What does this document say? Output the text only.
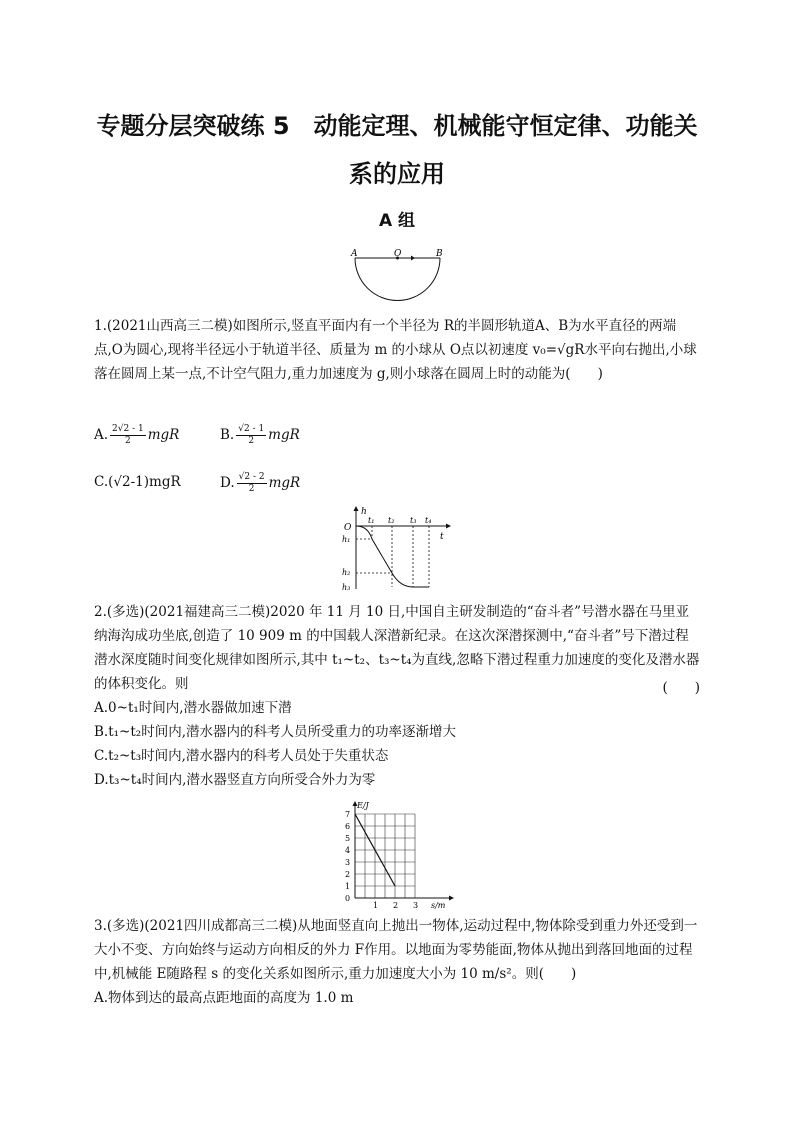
专题分层突破练 5　动能定理、机械能守恒定律、功能关
系的应用
A 组
A	O	B
1.(2021山西高三二模)如图所示,竖直平面内有一个半径为 R的半圆形轨道A、B为水平直径的两端点,O为圆心,现将半径远小于轨道半径、质量为 m 的小球从 O点以初速度 v₀=√gR水平向右抛出,小球落在圆周上某一点,不计空气阻力,重力加速度为 g,则小球落在圆周上时的动能为(　　)
A. $\frac{2√2 - 1}{2}$ mgR	B. $\frac{√2 - 1}{2}$ mgR
C.(√2-1)mgR	D. $\frac{√2 - 2}{2}$ mgR
h
t
O
t₁ t₂ t₃ t₄
h₁
h₂
h₃
2.(多选)(2021福建高三二模)2020 年 11 月 10 日,中国自主研发制造的“奋斗者”号潜水器在马里亚纳海沟成功坐底,创造了 10 909 m 的中国载人深潜新纪录。在这次深潜探测中,“奋斗者”号下潜过程潜水深度随时间变化规律如图所示,其中 t₁~t₂、t₃~t₄为直线,忽略下潜过程重力加速度的变化及潜水器的体积变化。则	(　　)
A.0~t₁时间内,潜水器做加速下潜
B.t₁~t₂时间内,潜水器内的科考人员所受重力的功率逐渐增大
C.t₂~t₃时间内,潜水器内的科考人员处于失重状态
D.t₃~t₄时间内,潜水器竖直方向所受合外力为零
E/J
s/m
7
6
5
4
3
2
1
0
1 2 3
3.(多选)(2021四川成都高三二模)从地面竖直向上抛出一物体,运动过程中,物体除受到重力外还受到一大小不变、方向始终与运动方向相反的外力 F作用。以地面为零势能面,物体从抛出到落回地面的过程中,机械能 E随路程 s 的变化关系如图所示,重力加速度大小为 10 m/s²。则(　　)
A.物体到达的最高点距地面的高度为 1.0 m
